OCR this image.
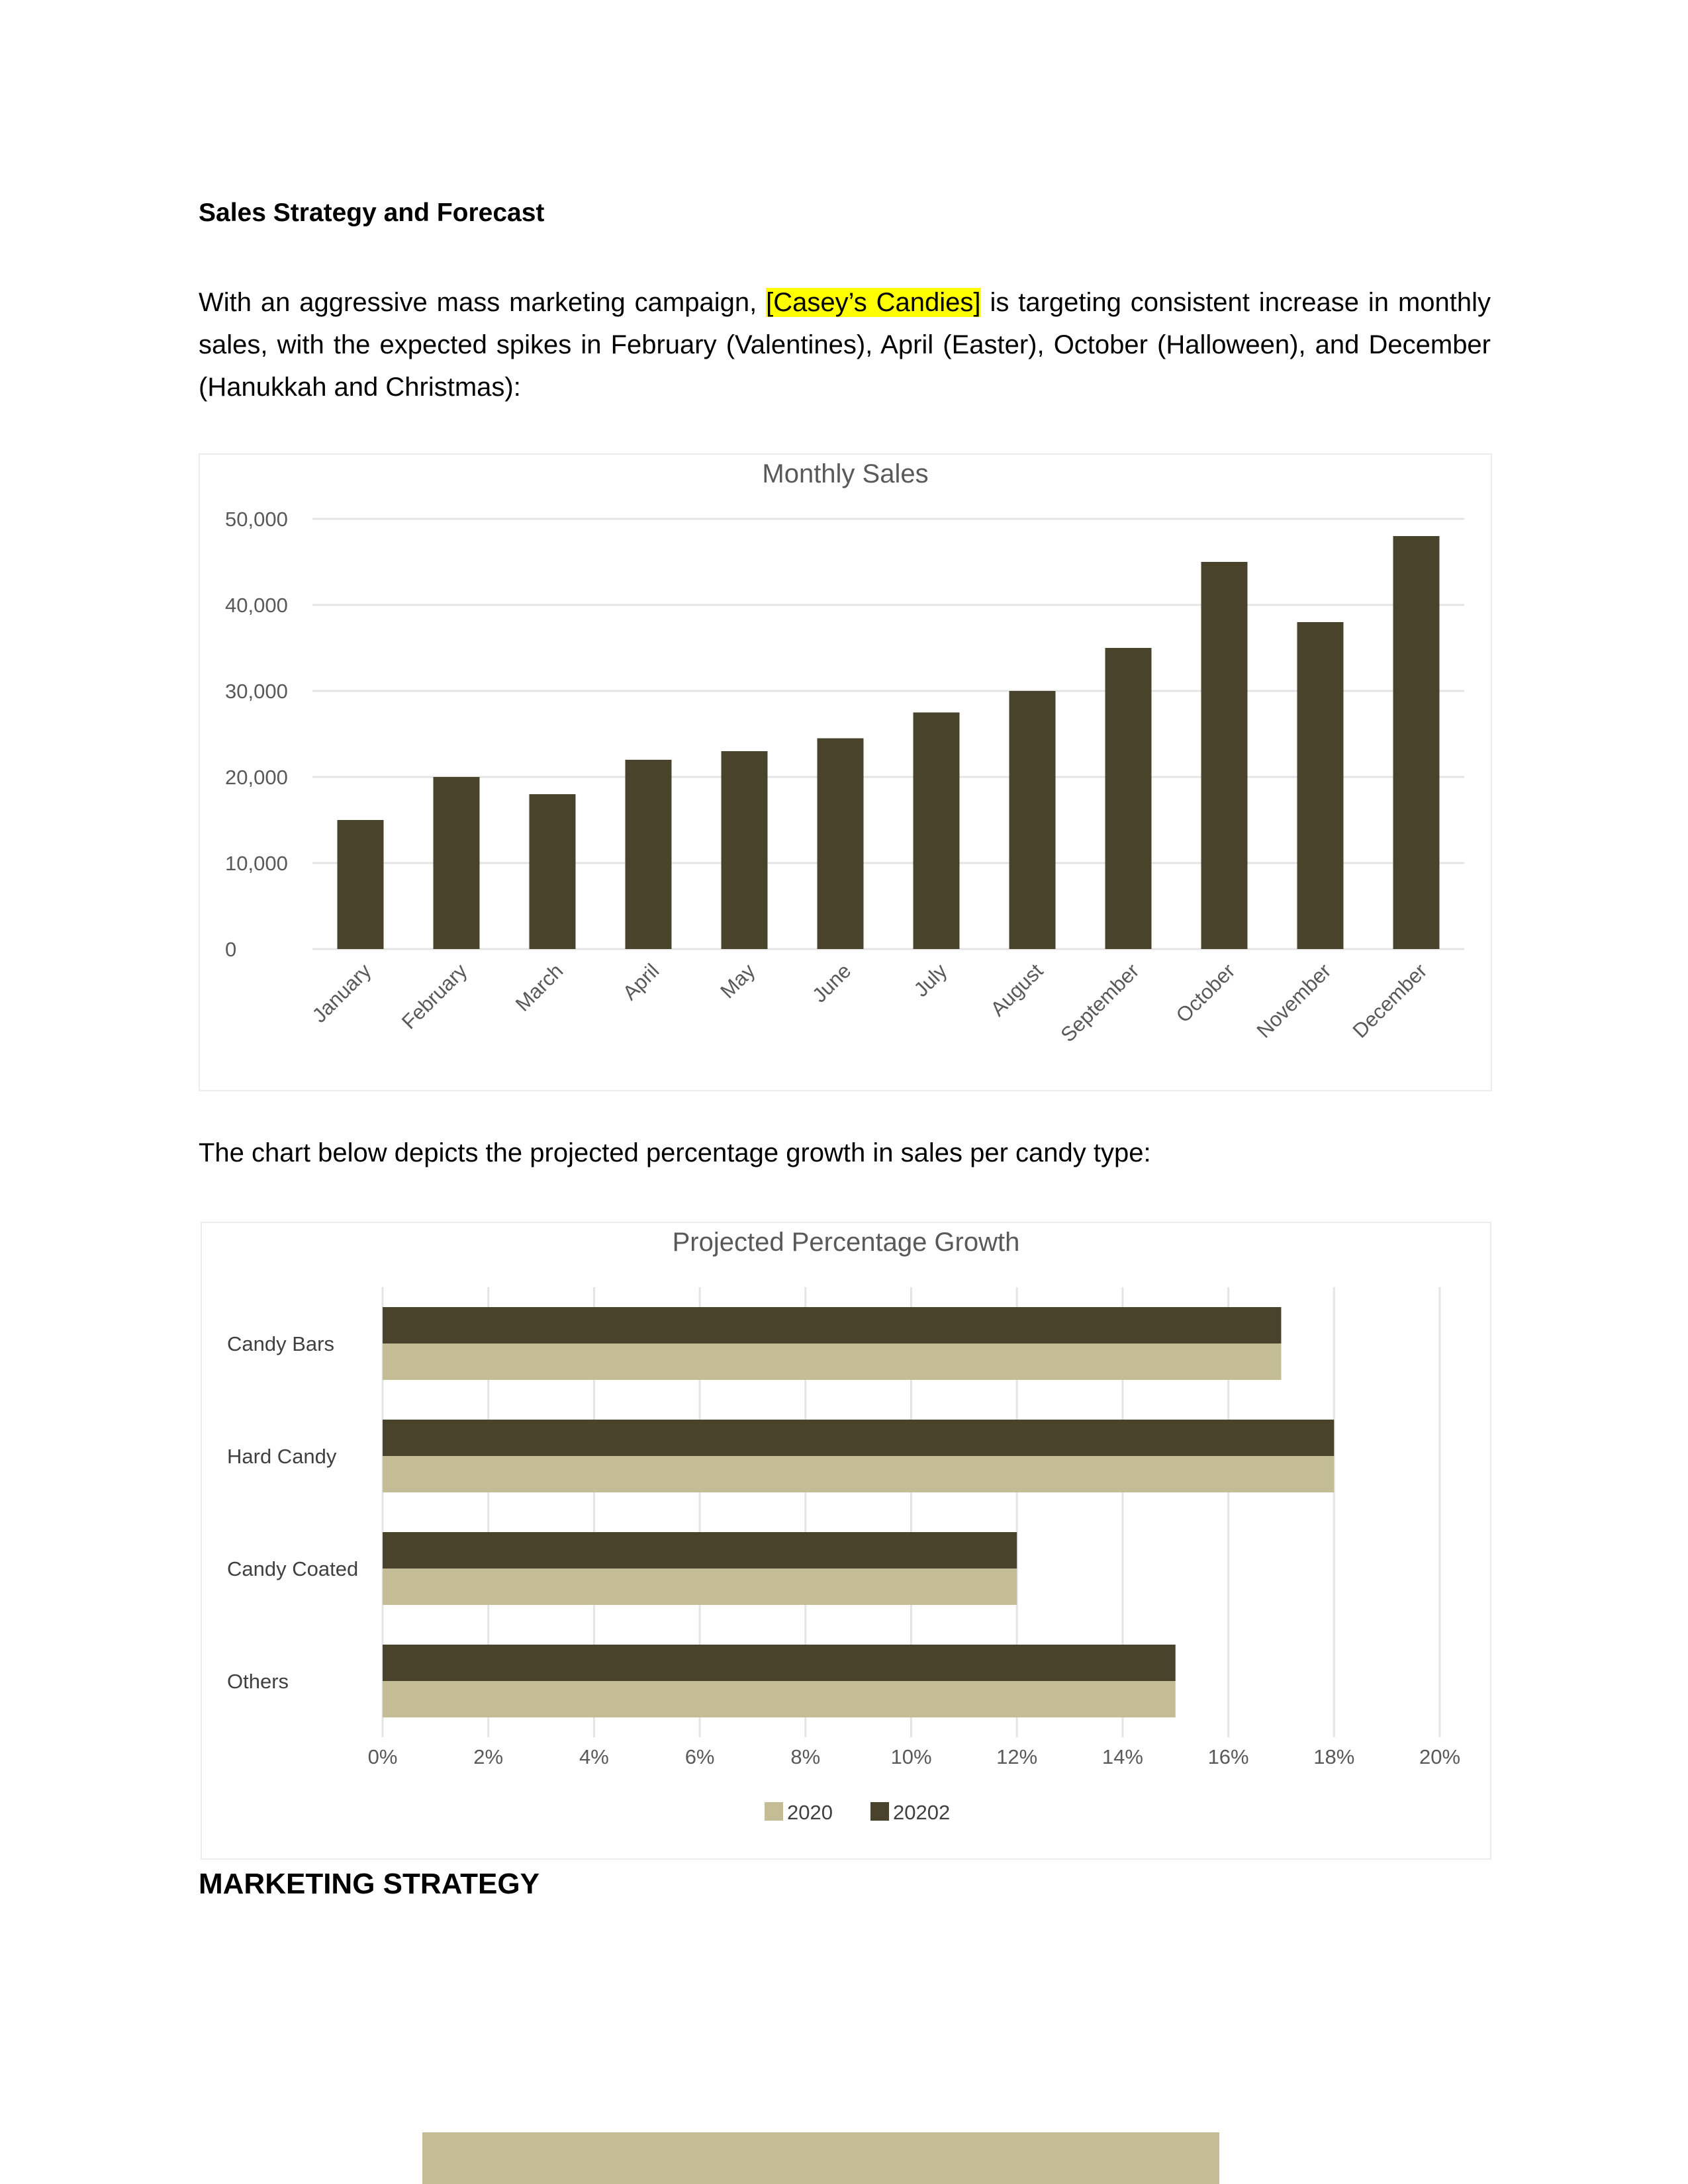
Sales Strategy and Forecast

With an aggressive mass marketing campaign, [Casey’s Candies] is targeting consistent increase in monthly sales, with the expected spikes in February (Valentines), April (Easter), October (Halloween), and December (Hanukkah and Christmas):

Monthly Sales
0
10,000
20,000
30,000
40,000
50,000
January February March April	May June	July August September October November December

The chart below depicts the projected percentage growth in sales per candy type:

Projected Percentage Growth
0%	2%	4%	6%	8%	10%	12%	14%	16%	18%	20%
Candy Bars
Hard Candy
Candy Coated
Others
2020	20202
MARKETING STRATEGY
